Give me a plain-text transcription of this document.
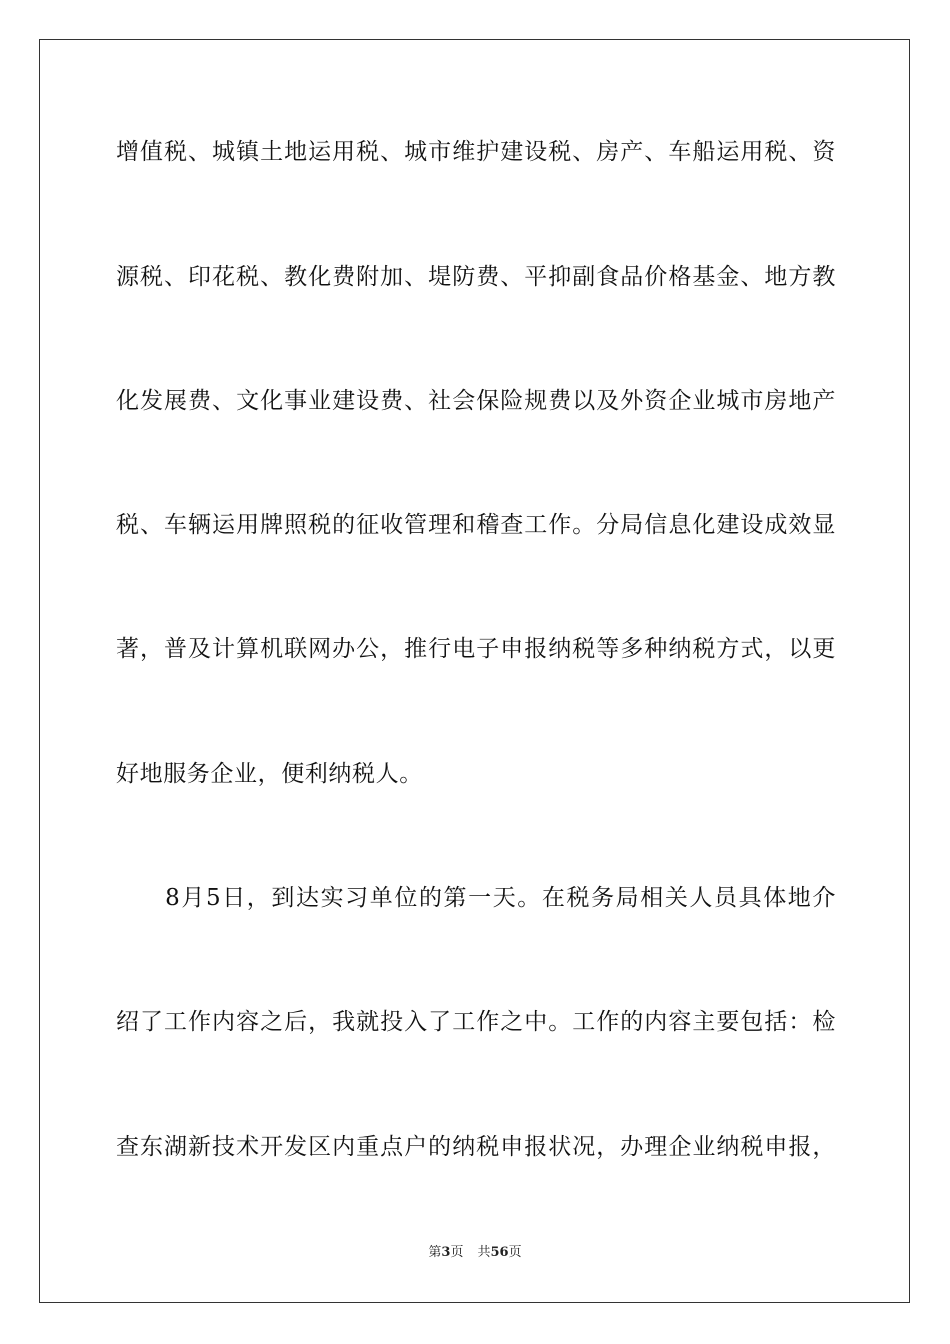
增值税、城镇土地运用税、城市维护建设税、房产、车船运用税、资
源税、印花税、教化费附加、堤防费、平抑副食品价格基金、地方教
化发展费、文化事业建设费、社会保险规费以及外资企业城市房地产
税、车辆运用牌照税的征收管理和稽查工作。分局信息化建设成效显
著，普及计算机联网办公，推行电子申报纳税等多种纳税方式，以更
好地服务企业，便利纳税人。
　　8月5日，到达实习单位的第一天。在税务局相关人员具体地介
绍了工作内容之后，我就投入了工作之中。工作的内容主要包括：检
查东湖新技术开发区内重点户的纳税申报状况，办理企业纳税申报，
第3页 共56页
